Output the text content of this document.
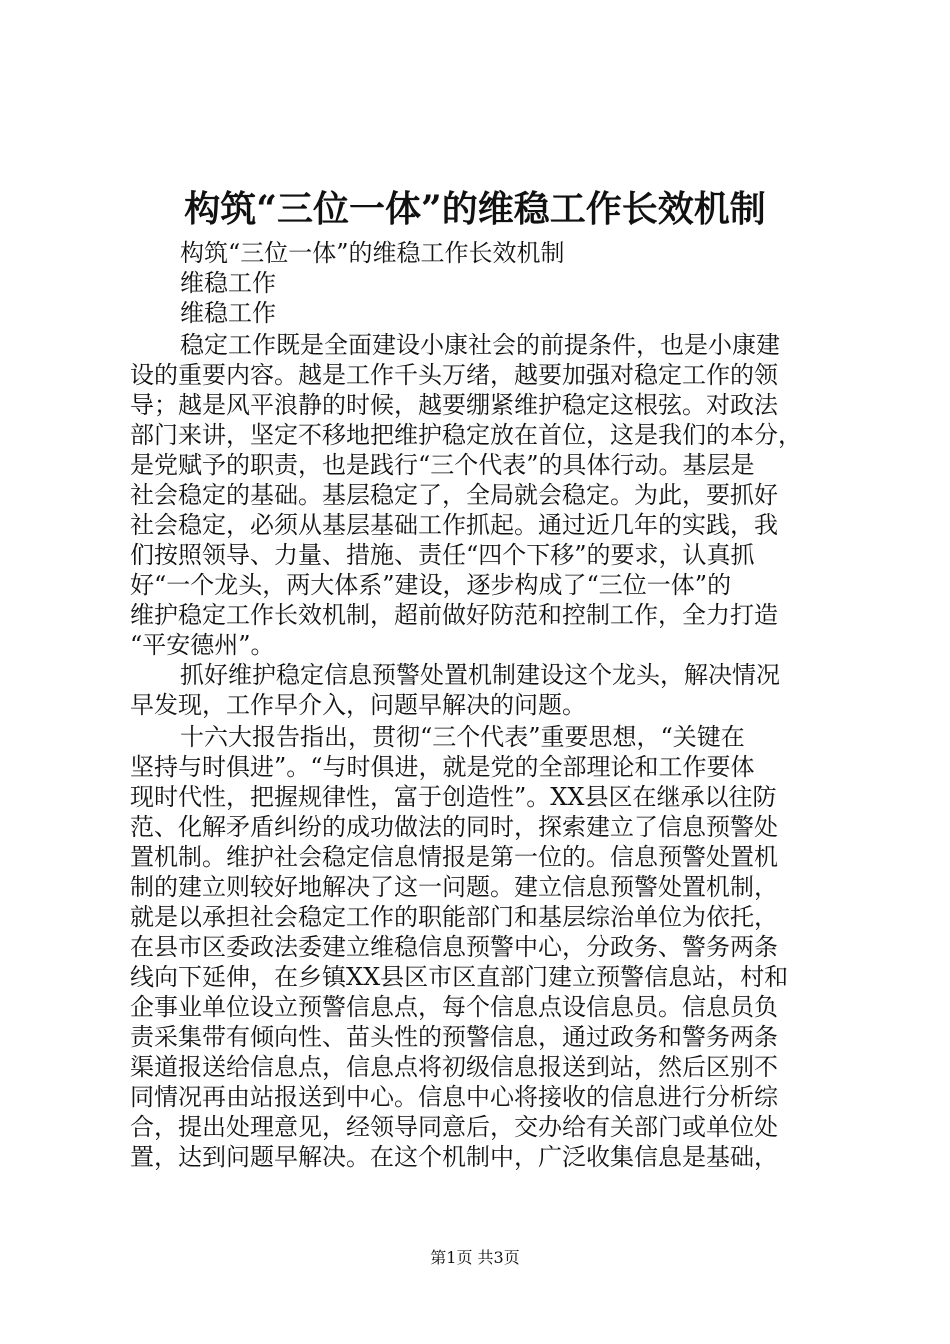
构筑“三位一体”的维稳工作长效机制
构筑“三位一体”的维稳工作长效机制
维稳工作
维稳工作
稳定工作既是全面建设小康社会的前提条件，也是小康建
设的重要内容。越是工作千头万绪，越要加强对稳定工作的领
导；越是风平浪静的时候，越要绷紧维护稳定这根弦。对政法
部门来讲，坚定不移地把维护稳定放在首位，这是我们的本分，
是党赋予的职责，也是践行“三个代表”的具体行动。基层是
社会稳定的基础。基层稳定了，全局就会稳定。为此，要抓好
社会稳定，必须从基层基础工作抓起。通过近几年的实践，我
们按照领导、力量、措施、责任“四个下移”的要求，认真抓
好“一个龙头，两大体系”建设，逐步构成了“三位一体”的
维护稳定工作长效机制，超前做好防范和控制工作，全力打造
“平安德州”。
抓好维护稳定信息预警处置机制建设这个龙头，解决情况
早发现，工作早介入，问题早解决的问题。
十六大报告指出，贯彻“三个代表”重要思想，“关键在
坚持与时俱进”。“与时俱进，就是党的全部理论和工作要体
现时代性，把握规律性，富于创造性”。XX县区在继承以往防
范、化解矛盾纠纷的成功做法的同时，探索建立了信息预警处
置机制。维护社会稳定信息情报是第一位的。信息预警处置机
制的建立则较好地解决了这一问题。建立信息预警处置机制，
就是以承担社会稳定工作的职能部门和基层综治单位为依托，
在县市区委政法委建立维稳信息预警中心，分政务、警务两条
线向下延伸，在乡镇XX县区市区直部门建立预警信息站，村和
企事业单位设立预警信息点，每个信息点设信息员。信息员负
责采集带有倾向性、苗头性的预警信息，通过政务和警务两条
渠道报送给信息点，信息点将初级信息报送到站，然后区别不
同情况再由站报送到中心。信息中心将接收的信息进行分析综
合，提出处理意见，经领导同意后，交办给有关部门或单位处
置，达到问题早解决。在这个机制中，广泛收集信息是基础，
第1页 共3页
